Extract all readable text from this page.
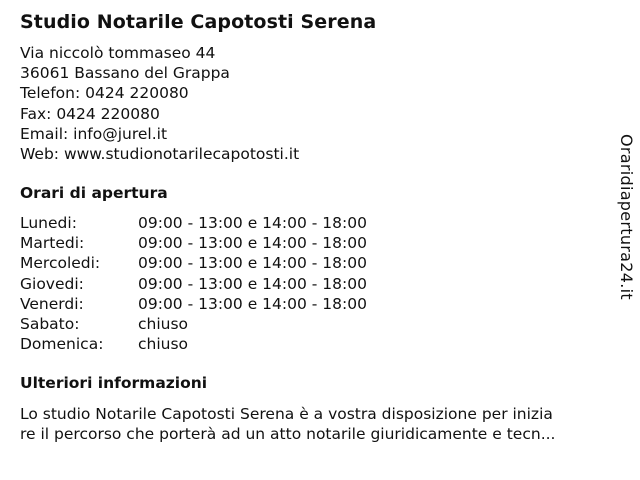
Studio Notarile Capotosti Serena
Via niccolò tommaseo 44
36061 Bassano del Grappa
Telefon: 0424 220080
Fax: 0424 220080
Email: info@jurel.it
Web: www.studionotarilecapotosti.it
Orari di apertura
Lunedi:	09:00 - 13:00 e 14:00 - 18:00
Martedi:	09:00 - 13:00 e 14:00 - 18:00
Mercoledi: 09:00 - 13:00 e 14:00 - 18:00
Giovedi:	09:00 - 13:00 e 14:00 - 18:00
Venerdi:	09:00 - 13:00 e 14:00 - 18:00
Sabato:	chiuso
Domenica: chiuso
Ulteriori informazioni
Lo studio Notarile Capotosti Serena è a vostra disposizione per inizia
re il percorso che porterà ad un atto notarile giuridicamente e tecn...
Oraridiapertura24.it
